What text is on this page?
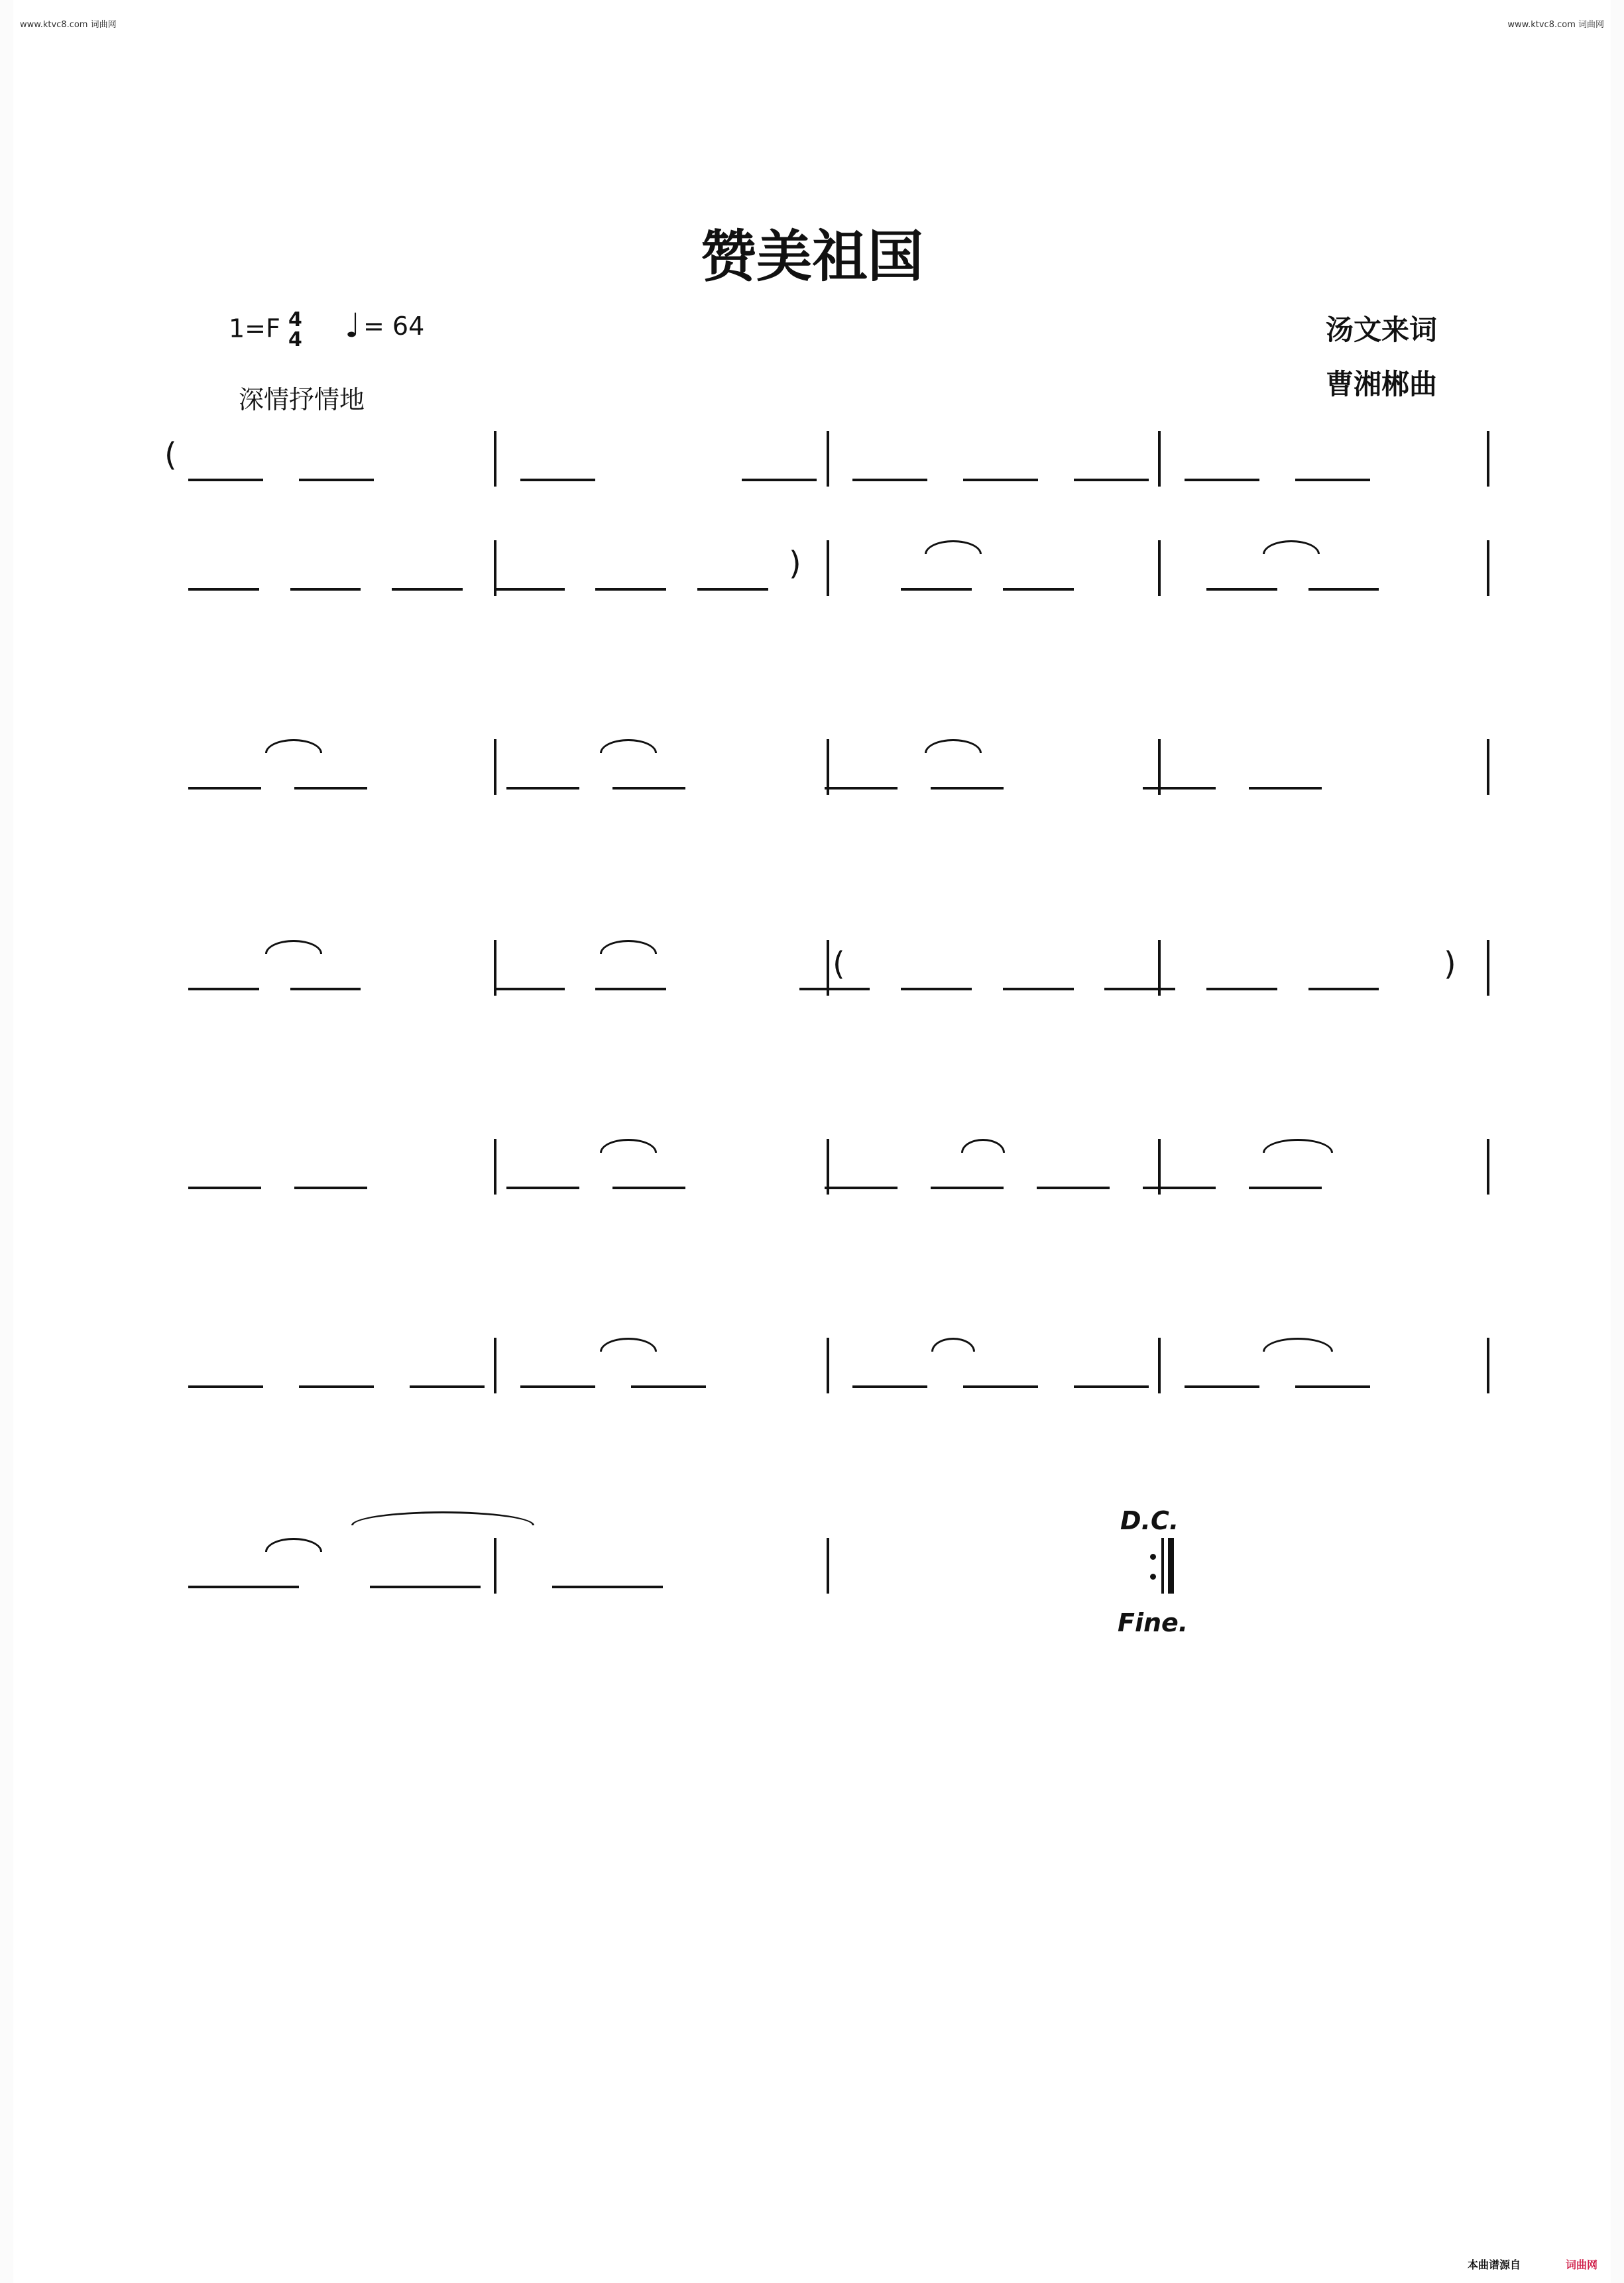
www.ktvc8.com 词曲网	www.ktvc8.com 词曲网
赞美祖国
1=F 4
4 ♩ = 64
深情抒情地
汤文来词
曹湘郴曲
(
)
(	)
D.C.
Fine.
本曲谱源自	词曲网
